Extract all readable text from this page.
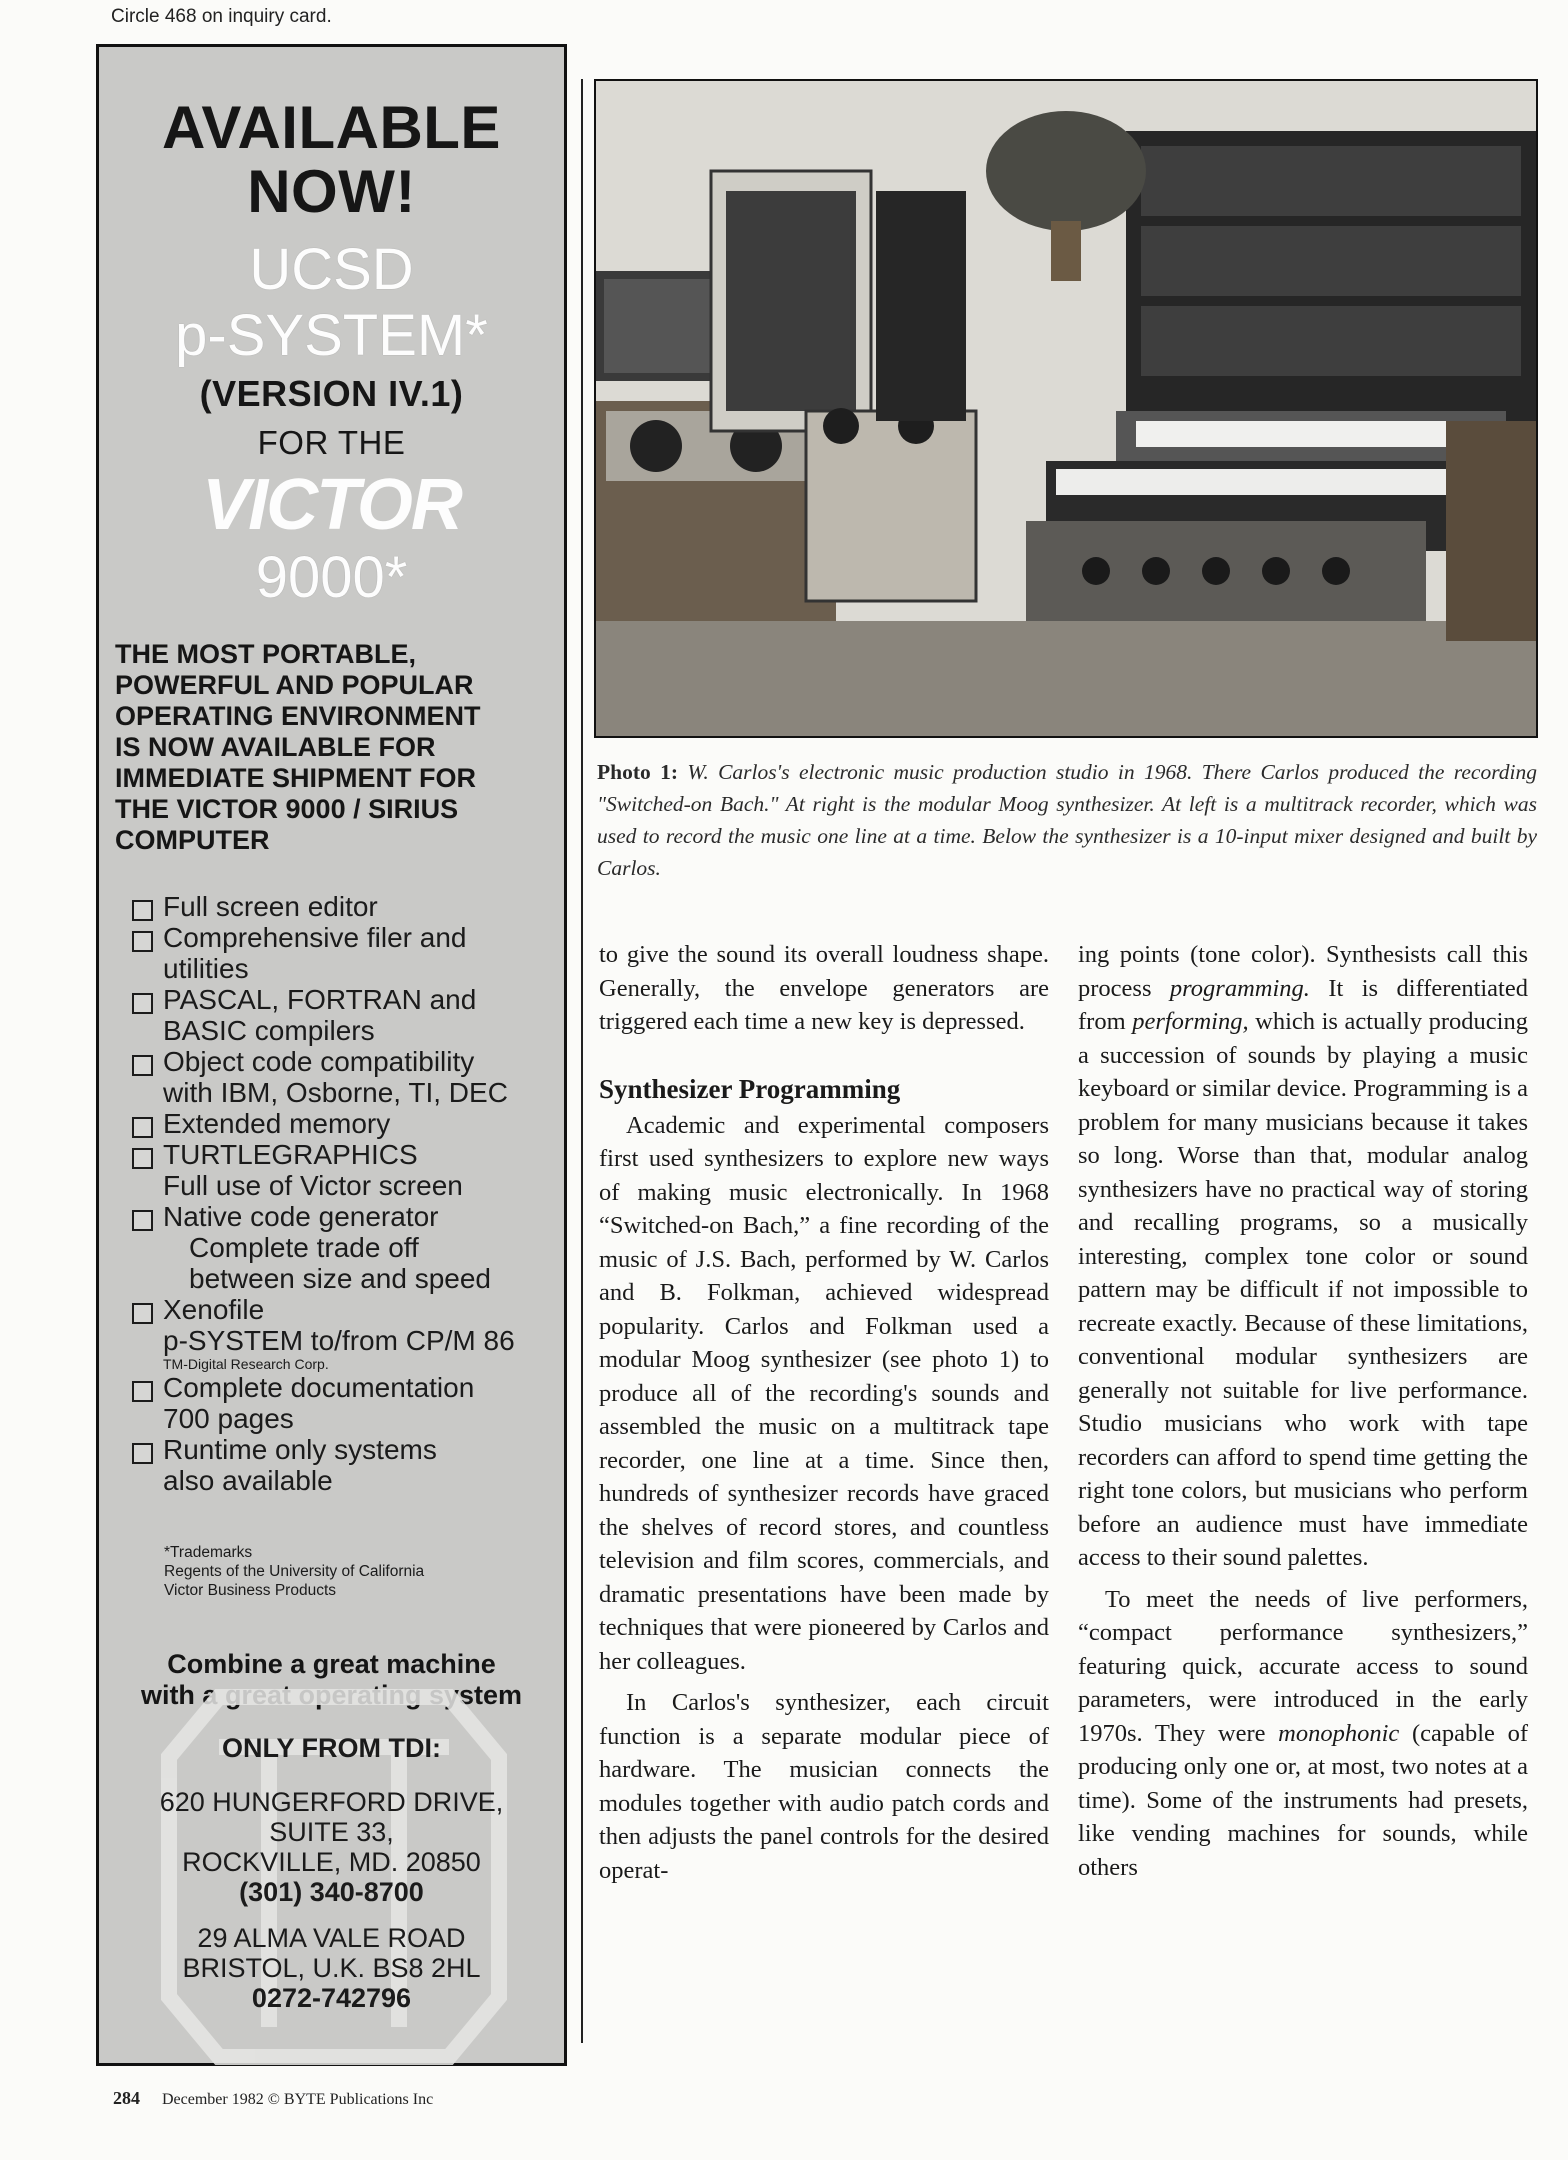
Circle 468 on inquiry card.
AVAILABLE
NOW!
UCSD
p-SYSTEM*
(VERSION IV.1)
FOR THE
VICTOR
9000*
THE MOST PORTABLE,
POWERFUL AND POPULAR
OPERATING ENVIRONMENT
IS NOW AVAILABLE FOR
IMMEDIATE SHIPMENT FOR
THE VICTOR 9000 / SIRIUS
COMPUTER
Full screen editor
Comprehensive filer and
utilities
PASCAL, FORTRAN and
BASIC compilers
Object code compatibility
with IBM, Osborne, TI, DEC
Extended memory
TURTLEGRAPHICS
Full use of Victor screen
Native code generator
Complete trade off
between size and speed
Xenofile
p-SYSTEM to/from CP/M 86
TM-Digital Research Corp.
Complete documentation
700 pages
Runtime only systems
also available
*Trademarks
Regents of the University of California
Victor Business Products
Combine a great machine
with a great operating system
ONLY FROM TDI:
620 HUNGERFORD DRIVE,
SUITE 33,
ROCKVILLE, MD. 20850
(301) 340-8700
29 ALMA VALE ROAD
BRISTOL, U.K. BS8 2HL
0272-742796
Photo 1: W. Carlos's electronic music production studio in 1968. There Carlos produced the recording "Switched-on Bach." At right is the modular Moog synthesizer. At left is a multitrack recorder, which was used to record the music one line at a time. Below the synthesizer is a 10-input mixer designed and built by Carlos.

to give the sound its overall loudness shape. Generally, the envelope generators are triggered each time a new key is depressed.

Synthesizer Programming

Academic and experimental composers first used synthesizers to explore new ways of making music electronically. In 1968 “Switched-on Bach,” a fine recording of the music of J.S. Bach, performed by W. Carlos and B. Folkman, achieved widespread popularity. Carlos and Folkman used a modular Moog synthesizer (see photo 1) to produce all of the recording's sounds and assembled the music on a multitrack tape recorder, one line at a time. Since then, hundreds of synthesizer records have graced the shelves of record stores, and countless television and film scores, commercials, and dramatic presentations have been made by techniques that were pioneered by Carlos and her colleagues.

In Carlos's synthesizer, each circuit function is a separate modular piece of hardware. The musician connects the modules together with audio patch cords and then adjusts the panel controls for the desired operat-

ing points (tone color). Synthesists call this process programming. It is differentiated from performing, which is actually producing a succession of sounds by playing a music keyboard or similar device. Programming is a problem for many musicians because it takes so long. Worse than that, modular analog synthesizers have no practical way of storing and recalling programs, so a musically interesting, complex tone color or sound pattern may be difficult if not impossible to recreate exactly. Because of these limitations, conventional modular synthesizers are generally not suitable for live performance. Studio musicians who work with tape recorders can afford to spend time getting the right tone colors, but musicians who perform before an audience must have immediate access to their sound palettes.

To meet the needs of live performers, “compact performance synthesizers,” featuring quick, accurate access to sound parameters, were introduced in the early 1970s. They were monophonic (capable of producing only one or, at most, two notes at a time). Some of the instruments had presets, like vending machines for sounds, while others

284 December 1982 © BYTE Publications Inc
